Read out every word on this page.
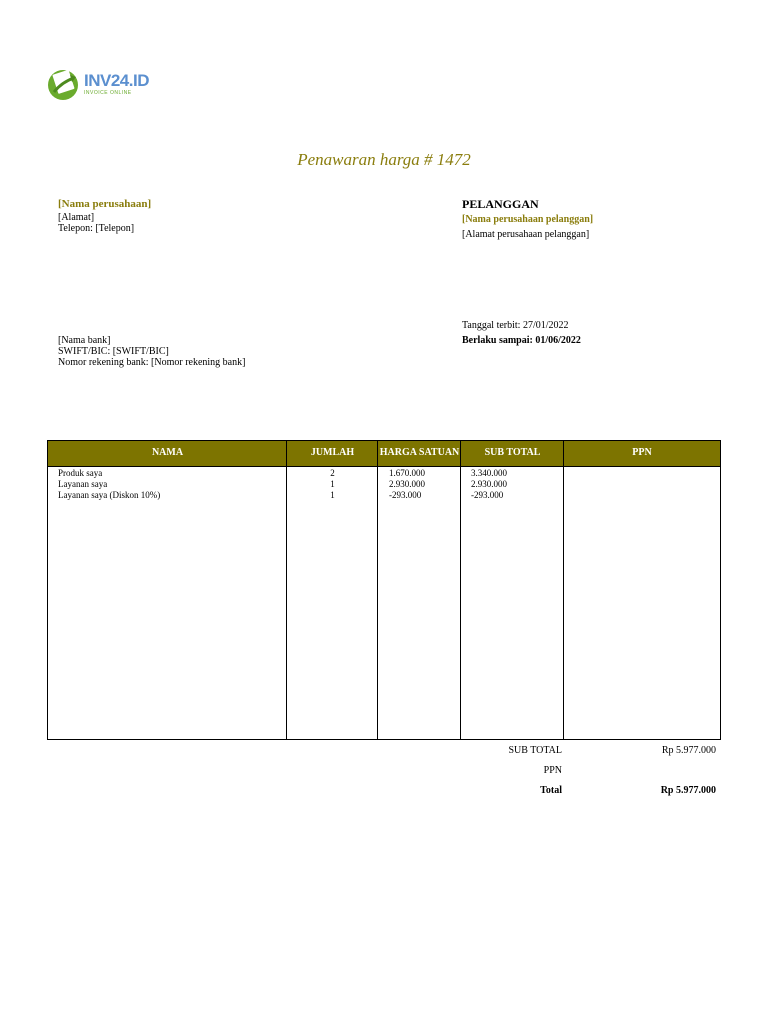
INV24.ID
INVOICE ONLINE
Penawaran harga # 1472
[Nama perusahaan]
[Alamat]
Telepon: [Telepon]
PELANGGAN
[Nama perusahaan pelanggan]
[Alamat perusahaan pelanggan]
[Nama bank]
SWIFT/BIC: [SWIFT/BIC]
Nomor rekening bank: [Nomor rekening bank]
Tanggal terbit: 27/01/2022
Berlaku sampai: 01/06/2022
NAMA	JUMLAH	HARGA SATUAN	SUB TOTAL	PPN
Produk saya	2	1.670.000	3.340.000
Layanan saya	1	2.930.000	2.930.000
Layanan saya (Diskon 10%)	1	-293.000	-293.000
SUB TOTAL	Rp 5.977.000
PPN
Total	Rp 5.977.000
